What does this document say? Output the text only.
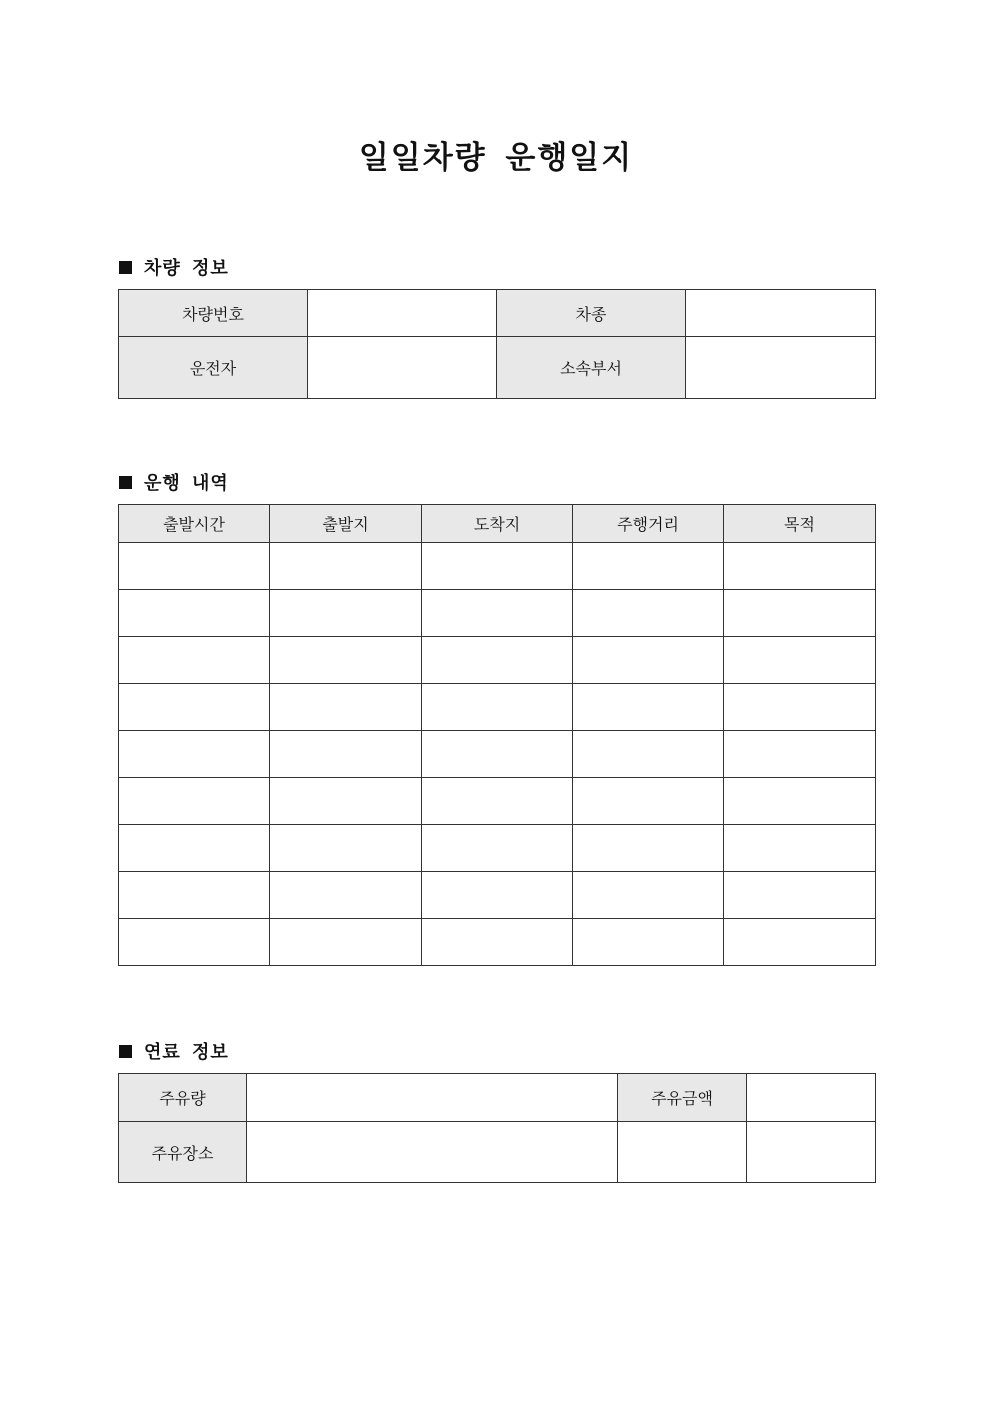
일일차량 운행일지
차량 정보
차량번호		차종	
운전자		소속부서	
운행 내역
출발시간	출발지	도착지	주행거리	목적

연료 정보
주유량		주유금액	
주유장소			
